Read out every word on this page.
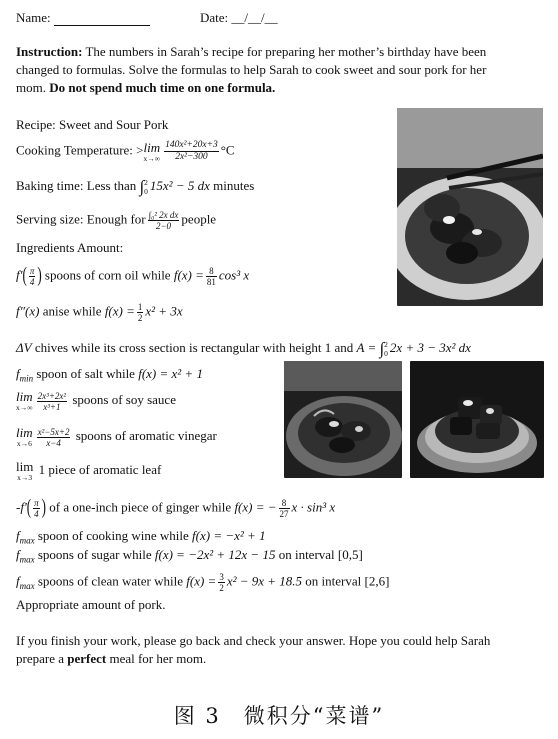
Name:	Date: __/__/__
Instruction: The numbers in Sarah’s recipe for preparing her mother’s birthday have been
changed to formulas. Solve the formulas to help Sarah to cook sweet and sour pork for her
mom. Do not spend much time on one formula.
Recipe: Sweet and Sour Pork
Cooking Temperature: > lim
$x\to\infty \frac{\text{140x²+20x+3}}{\text{2x²−300}} ^\circ C$
Baking time: Less than ∫ 2
0 15x² − 5 dx minutes
Serving size: Enough for $\frac{\text{∫₀² 2x dx}}{2-0}$ people
Ingredients Amount:
$f'( \frac{\pi}{4}$ ) spoons of corn oil while $f(x) = \frac{8}{81} \cos^3$ x
f″(x) anise while $f(x) = \frac{1}{2} x^2 + 3x$
ΔV chives while its cross section is rectangular with height 1 and A = ∫ 2
0 2x + 3 − 3x² dx
$f_{min}$ spoon of salt while f(x) = x² + 1
lim
$x\to\infty \frac{\text{2x³+2x²}}{\text{x³+1}}$ spoons of soy sauce
lim
$x\to 6 \frac{\text{x²−5x+2}}{x-4}$ spoons of aromatic vinegar
lim
x→3
1 piece of aromatic leaf
$-f'( \frac{\pi}{4}$ ) of a one-inch piece of ginger while f(x) = − $\frac{8}{27}$ x · sin³ x
$f_{max}$ spoon of cooking wine while f(x) = −x² + 1
$f_{max}$ spoons of sugar while f(x) = −2x² + 12x − 15 on interval [0,5]
$f_{max}$ spoons of clean water while $f(x) = \frac{3}{2} x^2 - 9x + 18.5$ on interval [2,6]
Appropriate amount of pork.
If you finish your work, please go back and check your answer. Hope you could help Sarah
prepare a perfect meal for her mom.
图 3　微积分“菜谱”
